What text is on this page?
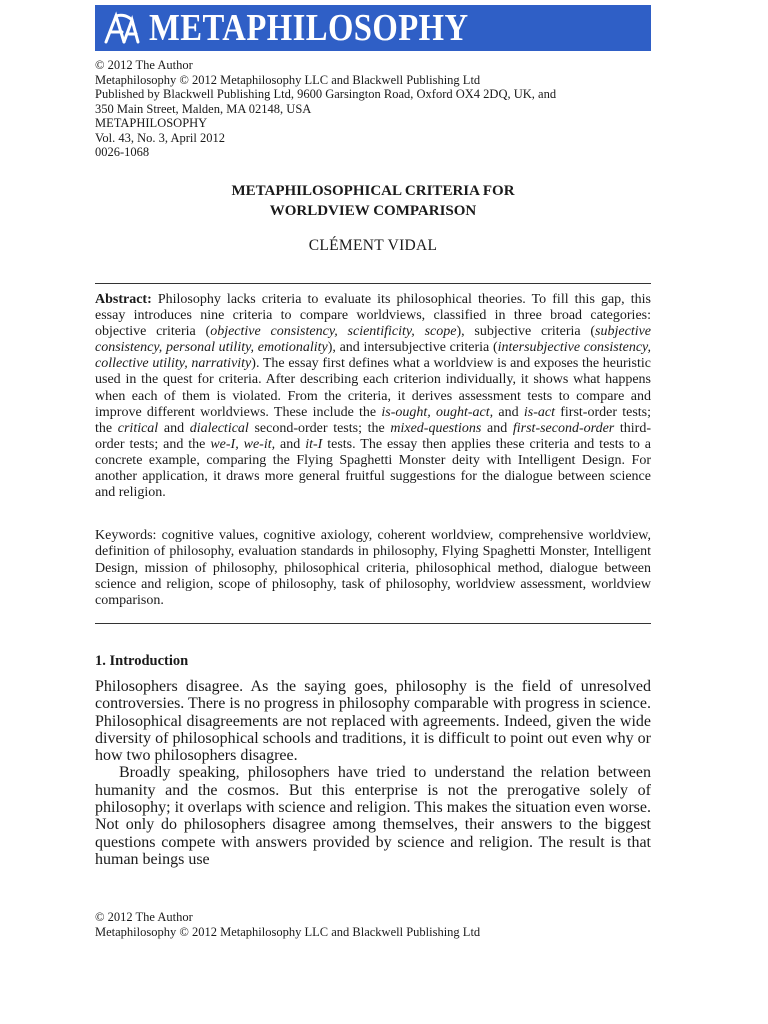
METAPHILOSOPHY
© 2012 The Author
Metaphilosophy © 2012 Metaphilosophy LLC and Blackwell Publishing Ltd
Published by Blackwell Publishing Ltd, 9600 Garsington Road, Oxford OX4 2DQ, UK, and
350 Main Street, Malden, MA 02148, USA
METAPHILOSOPHY
Vol. 43, No. 3, April 2012
0026-1068
METAPHILOSOPHICAL CRITERIA FOR
WORLDVIEW COMPARISON
CLÉMENT VIDAL
Abstract: Philosophy lacks criteria to evaluate its philosophical theories. To fill this gap, this essay introduces nine criteria to compare worldviews, classified in three broad categories: objective criteria (objective consistency, scientificity, scope), subjective criteria (subjective consistency, personal utility, emotionality), and intersubjective criteria (intersubjective consistency, collective utility, narrativity). The essay first defines what a worldview is and exposes the heuristic used in the quest for criteria. After describing each criterion individually, it shows what happens when each of them is violated. From the criteria, it derives assessment tests to compare and improve different worldviews. These include the is-ought, ought-act, and is-act first-order tests; the critical and dialectical second-order tests; the mixed-questions and first-second-order third-order tests; and the we-I, we-it, and it-I tests. The essay then applies these criteria and tests to a concrete example, comparing the Flying Spaghetti Monster deity with Intelligent Design. For another application, it draws more general fruitful suggestions for the dialogue between science and religion.
Keywords: cognitive values, cognitive axiology, coherent worldview, comprehensive worldview, definition of philosophy, evaluation standards in philosophy, Flying Spaghetti Monster, Intelligent Design, mission of philosophy, philosophical criteria, philosophical method, dialogue between science and religion, scope of philosophy, task of philosophy, worldview assessment, worldview comparison.
1. Introduction

Philosophers disagree. As the saying goes, philosophy is the field of unresolved controversies. There is no progress in philosophy comparable with progress in science. Philosophical disagreements are not replaced with agreements. Indeed, given the wide diversity of philosophical schools and traditions, it is difficult to point out even why or how two philosophers disagree.

Broadly speaking, philosophers have tried to understand the relation between humanity and the cosmos. But this enterprise is not the prerogative solely of philosophy; it overlaps with science and religion. This makes the situation even worse. Not only do philosophers disagree among themselves, their answers to the biggest questions compete with answers provided by science and religion. The result is that human beings use

© 2012 The Author
Metaphilosophy © 2012 Metaphilosophy LLC and Blackwell Publishing Ltd
